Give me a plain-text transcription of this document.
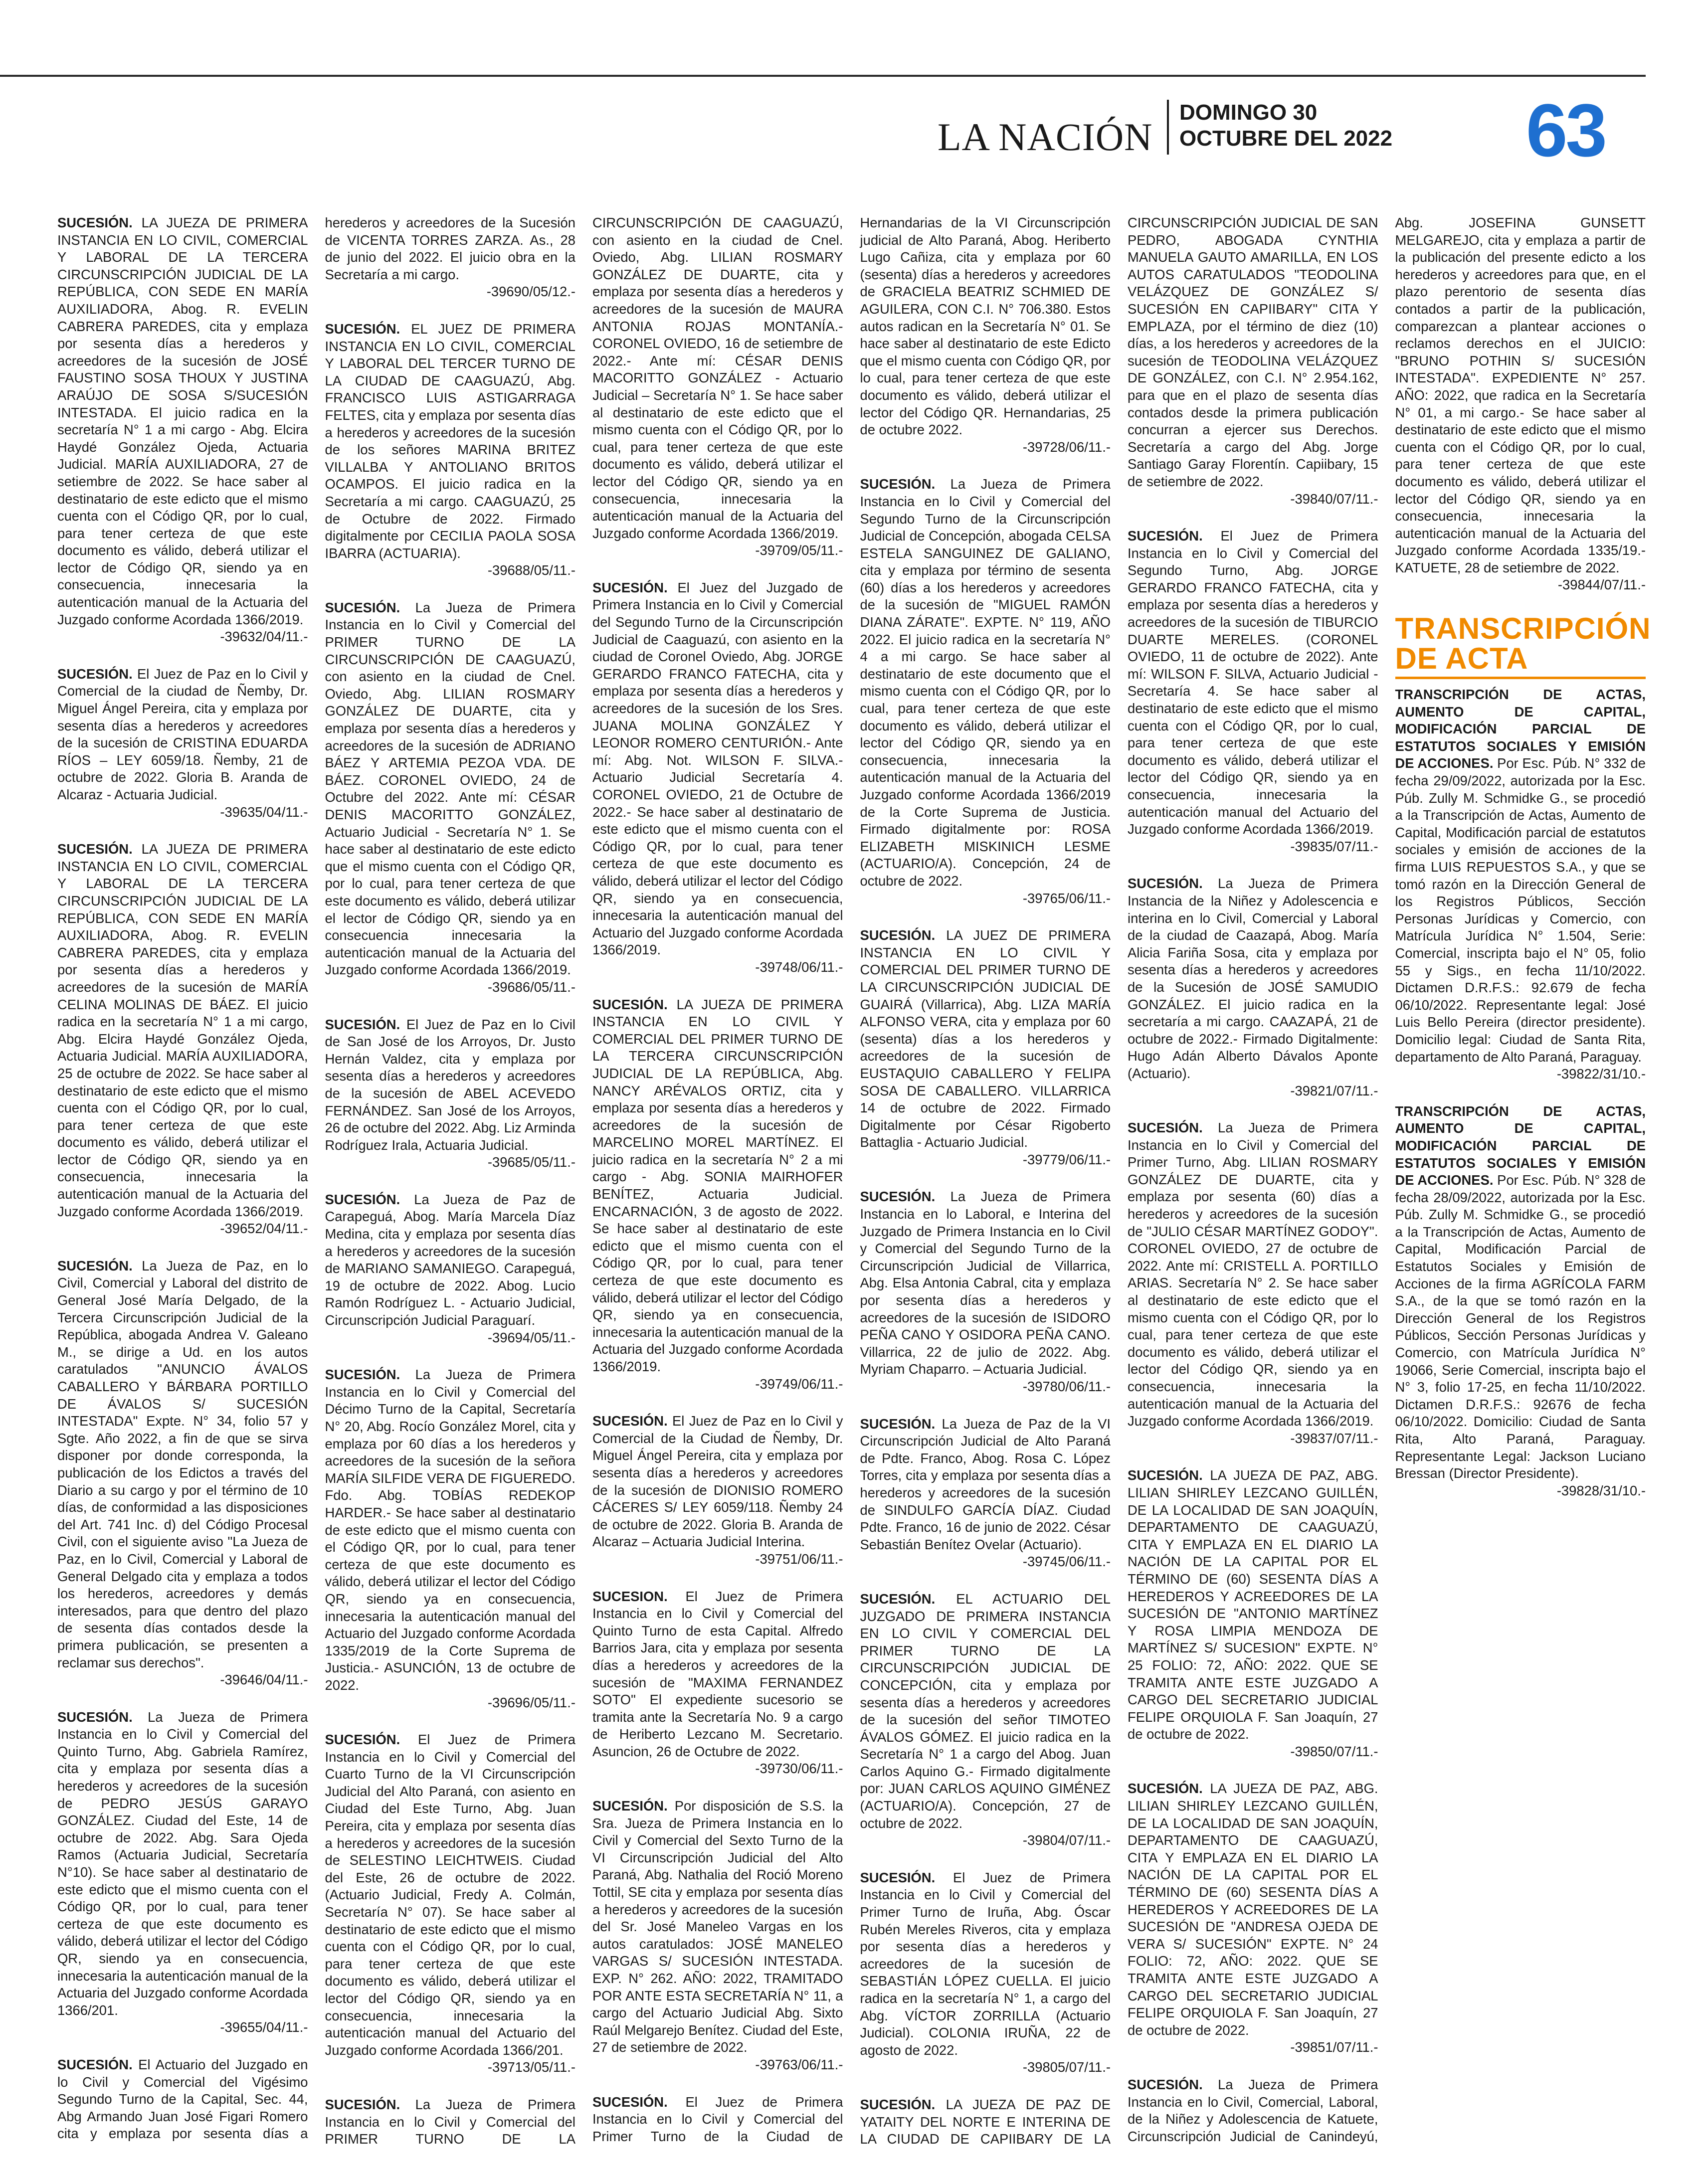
LA NACIÓN
DOMINGO 30
OCTUBRE DEL 2022 63
SUCESIÓN. LA JUEZA DE PRIMERA INSTANCIA EN LO CIVIL, COMERCIAL Y LABORAL DE LA TERCERA CIRCUNSCRIPCIÓN JUDICIAL DE LA REPÚBLICA, CON SEDE EN MARÍA AUXILIADORA, Abog. R. EVELIN CABRERA PAREDES, cita y emplaza por sesenta días a herederos y acreedores de la sucesión de JOSÉ FAUSTINO SOSA THOUX Y JUSTINA ARAÚJO DE SOSA S/SUCESIÓN INTESTADA. El juicio radica en la secretaría N° 1 a mi cargo - Abg. Elcira Haydé González Ojeda, Actuaria Judicial. MARÍA AUXILIADORA, 27 de setiembre de 2022. Se hace saber al destinatario de este edicto que el mismo cuenta con el Código QR, por lo cual, para tener certeza de que este documento es válido, deberá utilizar el lector de Código QR, siendo ya en consecuencia, innecesaria la autenticación manual de la Actuaria del Juzgado conforme Acordada 1366/2019.
-39632/04/11.-
SUCESIÓN. El Juez de Paz en lo Civil y Comercial de la ciudad de Ñemby, Dr. Miguel Ángel Pereira, cita y emplaza por sesenta días a herederos y acreedores de la sucesión de CRISTINA EDUARDA RÍOS – LEY 6059/18. Ñemby, 21 de octubre de 2022. Gloria B. Aranda de Alcaraz - Actuaria Judicial.
-39635/04/11.-
SUCESIÓN. LA JUEZA DE PRIMERA INSTANCIA EN LO CIVIL, COMERCIAL Y LABORAL DE LA TERCERA CIRCUNSCRIPCIÓN JUDICIAL DE LA REPÚBLICA, CON SEDE EN MARÍA AUXILIADORA, Abog. R. EVELIN CABRERA PAREDES, cita y emplaza por sesenta días a herederos y acreedores de la sucesión de MARÍA CELINA MOLINAS DE BÁEZ. El juicio radica en la secretaría N° 1 a mi cargo, Abg. Elcira Haydé González Ojeda, Actuaria Judicial. MARÍA AUXILIADORA, 25 de octubre de 2022. Se hace saber al destinatario de este edicto que el mismo cuenta con el Código QR, por lo cual, para tener certeza de que este documento es válido, deberá utilizar el lector de Código QR, siendo ya en consecuencia, innecesaria la autenticación manual de la Actuaria del Juzgado conforme Acordada 1366/2019.
-39652/04/11.-
SUCESIÓN. La Jueza de Paz, en lo Civil, Comercial y Laboral del distrito de General José María Delgado, de la Tercera Circunscripción Judicial de la República, abogada Andrea V. Galeano M., se dirige a Ud. en los autos caratulados "ANUNCIO ÁVALOS CABALLERO Y BÁRBARA PORTILLO DE ÁVALOS S/ SUCESIÓN INTESTADA" Expte. N° 34, folio 57 y Sgte. Año 2022, a fin de que se sirva disponer por donde corresponda, la publicación de los Edictos a través del Diario a su cargo y por el término de 10 días, de conformidad a las disposiciones del Art. 741 Inc. d) del Código Procesal Civil, con el siguiente aviso "La Jueza de Paz, en lo Civil, Comercial y Laboral de General Delgado cita y emplaza a todos los herederos, acreedores y demás interesados, para que dentro del plazo de sesenta días contados desde la primera publicación, se presenten a reclamar sus derechos".
-39646/04/11.-
SUCESIÓN. La Jueza de Primera Instancia en lo Civil y Comercial del Quinto Turno, Abg. Gabriela Ramírez, cita y emplaza por sesenta días a herederos y acreedores de la sucesión de PEDRO JESÚS GARAYO GONZÁLEZ. Ciudad del Este, 14 de octubre de 2022. Abg. Sara Ojeda Ramos (Actuaria Judicial, Secretaría N°10). Se hace saber al destinatario de este edicto que el mismo cuenta con el Código QR, por lo cual, para tener certeza de que este documento es válido, deberá utilizar el lector del Código QR, siendo ya en consecuencia, innecesaria la autenticación manual de la Actuaria del Juzgado conforme Acordada 1366/201.
-39655/04/11.-
SUCESIÓN. El Actuario del Juzgado en lo Civil y Comercial del Vigésimo Segundo Turno de la Capital, Sec. 44, Abg Armando Juan José Figari Romero cita y emplaza por sesenta días a herederos y acreedores de la Sucesión de VICENTA TORRES ZARZA. As., 28 de junio del 2022. El juicio obra en la Secretaría a mi cargo.
-39690/05/12.-
SUCESIÓN. EL JUEZ DE PRIMERA INSTANCIA EN LO CIVIL, COMERCIAL Y LABORAL DEL TERCER TURNO DE LA CIUDAD DE CAAGUAZÚ, Abg. FRANCISCO LUIS ASTIGARRAGA FELTES, cita y emplaza por sesenta días a herederos y acreedores de la sucesión de los señores MARINA BRITEZ VILLALBA Y ANTOLIANO BRITOS OCAMPOS. El juicio radica en la Secretaría a mi cargo. CAAGUAZÚ, 25 de Octubre de 2022. Firmado digitalmente por CECILIA PAOLA SOSA IBARRA (ACTUARIA).
-39688/05/11.-
SUCESIÓN. La Jueza de Primera Instancia en lo Civil y Comercial del PRIMER TURNO DE LA CIRCUNSCRIPCIÓN DE CAAGUAZÚ, con asiento en la ciudad de Cnel. Oviedo, Abg. LILIAN ROSMARY GONZÁLEZ DE DUARTE, cita y emplaza por sesenta días a herederos y acreedores de la sucesión de ADRIANO BÁEZ Y ARTEMIA PEZOA VDA. DE BÁEZ. CORONEL OVIEDO, 24 de Octubre del 2022. Ante mí: CÉSAR DENIS MACORITTO GONZÁLEZ, Actuario Judicial - Secretaría N° 1. Se hace saber al destinatario de este edicto que el mismo cuenta con el Código QR, por lo cual, para tener certeza de que este documento es válido, deberá utilizar el lector de Código QR, siendo ya en consecuencia innecesaria la autenticación manual de la Actuaria del Juzgado conforme Acordada 1366/2019.
-39686/05/11.-
SUCESIÓN. El Juez de Paz en lo Civil de San José de los Arroyos, Dr. Justo Hernán Valdez, cita y emplaza por sesenta días a herederos y acreedores de la sucesión de ABEL ACEVEDO FERNÁNDEZ. San José de los Arroyos, 26 de octubre del 2022. Abg. Liz Arminda Rodríguez Irala, Actuaria Judicial.
-39685/05/11.-
SUCESIÓN. La Jueza de Paz de Carapeguá, Abog. María Marcela Díaz Medina, cita y emplaza por sesenta días a herederos y acreedores de la sucesión de MARIANO SAMANIEGO. Carapeguá, 19 de octubre de 2022. Abog. Lucio Ramón Rodríguez L. - Actuario Judicial, Circunscripción Judicial Paraguarí.
-39694/05/11.-
SUCESIÓN. La Jueza de Primera Instancia en lo Civil y Comercial del Décimo Turno de la Capital, Secretaría N° 20, Abg. Rocío González Morel, cita y emplaza por 60 días a los herederos y acreedores de la sucesión de la señora MARÍA SILFIDE VERA DE FIGUEREDO. Fdo. Abg. TOBÍAS REDEKOP HARDER.- Se hace saber al destinatario de este edicto que el mismo cuenta con el Código QR, por lo cual, para tener certeza de que este documento es válido, deberá utilizar el lector del Código QR, siendo ya en consecuencia, innecesaria la autenticación manual del Actuario del Juzgado conforme Acordada 1335/2019 de la Corte Suprema de Justicia.- ASUNCIÓN, 13 de octubre de 2022.
-39696/05/11.-
SUCESIÓN. El Juez de Primera Instancia en lo Civil y Comercial del Cuarto Turno de la VI Circunscripción Judicial del Alto Paraná, con asiento en Ciudad del Este Turno, Abg. Juan Pereira, cita y emplaza por sesenta días a herederos y acreedores de la sucesión de SELESTINO LEICHTWEIS. Ciudad del Este, 26 de octubre de 2022. (Actuario Judicial, Fredy A. Colmán, Secretaría N° 07). Se hace saber al destinatario de este edicto que el mismo cuenta con el Código QR, por lo cual, para tener certeza de que este documento es válido, deberá utilizar el lector del Código QR, siendo ya en consecuencia, innecesaria la autenticación manual del Actuario del Juzgado conforme Acordada 1366/201.
-39713/05/11.-
SUCESIÓN. La Jueza de Primera Instancia en lo Civil y Comercial del PRIMER TURNO DE LA CIRCUNSCRIPCIÓN DE CAAGUAZÚ, con asiento en la ciudad de Cnel. Oviedo, Abg. LILIAN ROSMARY GONZÁLEZ DE DUARTE, cita y emplaza por sesenta días a herederos y acreedores de la sucesión de MAURA ANTONIA ROJAS MONTANÍA.- CORONEL OVIEDO, 16 de setiembre de 2022.- Ante mí: CÉSAR DENIS MACORITTO GONZÁLEZ - Actuario Judicial – Secretaría N° 1. Se hace saber al destinatario de este edicto que el mismo cuenta con el Código QR, por lo cual, para tener certeza de que este documento es válido, deberá utilizar el lector del Código QR, siendo ya en consecuencia, innecesaria la autenticación manual de la Actuaria del Juzgado conforme Acordada 1366/2019.
-39709/05/11.-
SUCESIÓN. El Juez del Juzgado de Primera Instancia en lo Civil y Comercial del Segundo Turno de la Circunscripción Judicial de Caaguazú, con asiento en la ciudad de Coronel Oviedo, Abg. JORGE GERARDO FRANCO FATECHA, cita y emplaza por sesenta días a herederos y acreedores de la sucesión de los Sres. JUANA MOLINA GONZÁLEZ Y LEONOR ROMERO CENTURIÓN.- Ante mí: Abg. Not. WILSON F. SILVA.- Actuario Judicial Secretaría 4. CORONEL OVIEDO, 21 de Octubre de 2022.- Se hace saber al destinatario de este edicto que el mismo cuenta con el Código QR, por lo cual, para tener certeza de que este documento es válido, deberá utilizar el lector del Código QR, siendo ya en consecuencia, innecesaria la autenticación manual del Actuario del Juzgado conforme Acordada 1366/2019.
-39748/06/11.-
SUCESIÓN. LA JUEZA DE PRIMERA INSTANCIA EN LO CIVIL Y COMERCIAL DEL PRIMER TURNO DE LA TERCERA CIRCUNSCRIPCIÓN JUDICIAL DE LA REPÚBLICA, Abg. NANCY ARÉVALOS ORTIZ, cita y emplaza por sesenta días a herederos y acreedores de la sucesión de MARCELINO MOREL MARTÍNEZ. El juicio radica en la secretaría N° 2 a mi cargo - Abg. SONIA MAIRHOFER BENÍTEZ, Actuaria Judicial. ENCARNACIÓN, 3 de agosto de 2022. Se hace saber al destinatario de este edicto que el mismo cuenta con el Código QR, por lo cual, para tener certeza de que este documento es válido, deberá utilizar el lector del Código QR, siendo ya en consecuencia, innecesaria la autenticación manual de la Actuaria del Juzgado conforme Acordada 1366/2019.
-39749/06/11.-
SUCESIÓN. El Juez de Paz en lo Civil y Comercial de la Ciudad de Ñemby, Dr. Miguel Ángel Pereira, cita y emplaza por sesenta días a herederos y acreedores de la sucesión de DIONISIO ROMERO CÁCERES S/ LEY 6059/118. Ñemby 24 de octubre de 2022. Gloria B. Aranda de Alcaraz – Actuaria Judicial Interina.
-39751/06/11.-
SUCESION. El Juez de Primera Instancia en lo Civil y Comercial del Quinto Turno de esta Capital. Alfredo Barrios Jara, cita y emplaza por sesenta días a herederos y acreedores de la sucesión de "MAXIMA FERNANDEZ SOTO" El expediente sucesorio se tramita ante la Secretaría No. 9 a cargo de Heriberto Lezcano M. Secretario. Asuncion, 26 de Octubre de 2022.
-39730/06/11.-
SUCESIÓN. Por disposición de S.S. la Sra. Jueza de Primera Instancia en lo Civil y Comercial del Sexto Turno de la VI Circunscripción Judicial del Alto Paraná, Abg. Nathalia del Roció Moreno Tottil, SE cita y emplaza por sesenta días a herederos y acreedores de la sucesión del Sr. José Maneleo Vargas en los autos caratulados: JOSÉ MANELEO VARGAS S/ SUCESIÓN INTESTADA. EXP. N° 262. AÑO: 2022, TRAMITADO POR ANTE ESTA SECRETARÍA N° 11, a cargo del Actuario Judicial Abg. Sixto Raúl Melgarejo Benítez. Ciudad del Este, 27 de setiembre de 2022.
-39763/06/11.-
SUCESIÓN. El Juez de Primera Instancia en lo Civil y Comercial del Primer Turno de la Ciudad de Hernandarias de la VI Circunscripción judicial de Alto Paraná, Abog. Heriberto Lugo Cañiza, cita y emplaza por 60 (sesenta) días a herederos y acreedores de GRACIELA BEATRIZ SCHMIED DE AGUILERA, CON C.I. N° 706.380. Estos autos radican en la Secretaría N° 01. Se hace saber al destinatario de este Edicto que el mismo cuenta con Código QR, por lo cual, para tener certeza de que este documento es válido, deberá utilizar el lector del Código QR. Hernandarias, 25 de octubre 2022.
-39728/06/11.-
SUCESIÓN. La Jueza de Primera Instancia en lo Civil y Comercial del Segundo Turno de la Circunscripción Judicial de Concepción, abogada CELSA ESTELA SANGUINEZ DE GALIANO, cita y emplaza por término de sesenta (60) días a los herederos y acreedores de la sucesión de "MIGUEL RAMÓN DIANA ZÁRATE". EXPTE. N° 119, AÑO 2022. El juicio radica en la secretaría N° 4 a mi cargo. Se hace saber al destinatario de este documento que el mismo cuenta con el Código QR, por lo cual, para tener certeza de que este documento es válido, deberá utilizar el lector del Código QR, siendo ya en consecuencia, innecesaria la autenticación manual de la Actuaria del Juzgado conforme Acordada 1366/2019 de la Corte Suprema de Justicia. Firmado digitalmente por: ROSA ELIZABETH MISKINICH LESME (ACTUARIO/A). Concepción, 24 de octubre de 2022.
-39765/06/11.-
SUCESIÓN. LA JUEZ DE PRIMERA INSTANCIA EN LO CIVIL Y COMERCIAL DEL PRIMER TURNO DE LA CIRCUNSCRIPCIÓN JUDICIAL DE GUAIRÁ (Villarrica), Abg. LIZA MARÍA ALFONSO VERA, cita y emplaza por 60 (sesenta) días a los herederos y acreedores de la sucesión de EUSTAQUIO CABALLERO Y FELIPA SOSA DE CABALLERO. VILLARRICA 14 de octubre de 2022. Firmado Digitalmente por César Rigoberto Battaglia - Actuario Judicial.
-39779/06/11.-
SUCESIÓN. La Jueza de Primera Instancia en lo Laboral, e Interina del Juzgado de Primera Instancia en lo Civil y Comercial del Segundo Turno de la Circunscripción Judicial de Villarrica, Abg. Elsa Antonia Cabral, cita y emplaza por sesenta días a herederos y acreedores de la sucesión de ISIDORO PEÑA CANO Y OSIDORA PEÑA CANO. Villarrica, 22 de julio de 2022. Abg. Myriam Chaparro. – Actuaria Judicial.
-39780/06/11.-
SUCESIÓN. La Jueza de Paz de la VI Circunscripción Judicial de Alto Paraná de Pdte. Franco, Abog. Rosa C. López Torres, cita y emplaza por sesenta días a herederos y acreedores de la sucesión de SINDULFO GARCÍA DÍAZ. Ciudad Pdte. Franco, 16 de junio de 2022. César Sebastián Benítez Ovelar (Actuario).
-39745/06/11.-
SUCESIÓN. EL ACTUARIO DEL JUZGADO DE PRIMERA INSTANCIA EN LO CIVIL Y COMERCIAL DEL PRIMER TURNO DE LA CIRCUNSCRIPCIÓN JUDICIAL DE CONCEPCIÓN, cita y emplaza por sesenta días a herederos y acreedores de la sucesión del señor TIMOTEO ÁVALOS GÓMEZ. El juicio radica en la Secretaría N° 1 a cargo del Abog. Juan Carlos Aquino G.- Firmado digitalmente por: JUAN CARLOS AQUINO GIMÉNEZ (ACTUARIO/A). Concepción, 27 de octubre de 2022.
-39804/07/11.-
SUCESIÓN. El Juez de Primera Instancia en lo Civil y Comercial del Primer Turno de Iruña, Abg. Óscar Rubén Mereles Riveros, cita y emplaza por sesenta días a herederos y acreedores de la sucesión de SEBASTIÁN LÓPEZ CUELLA. El juicio radica en la secretaría N° 1, a cargo del Abg. VÍCTOR ZORRILLA (Actuario Judicial). COLONIA IRUÑA, 22 de agosto de 2022.
-39805/07/11.-
SUCESIÓN. LA JUEZA DE PAZ DE YATAITY DEL NORTE E INTERINA DE LA CIUDAD DE CAPIIBARY DE LA CIRCUNSCRIPCIÓN JUDICIAL DE SAN PEDRO, ABOGADA CYNTHIA MANUELA GAUTO AMARILLA, EN LOS AUTOS CARATULADOS "TEODOLINA VELÁZQUEZ DE GONZÁLEZ S/ SUCESIÓN EN CAPIIBARY" CITA Y EMPLAZA, por el término de diez (10) días, a los herederos y acreedores de la sucesión de TEODOLINA VELÁZQUEZ DE GONZÁLEZ, con C.I. N° 2.954.162, para que en el plazo de sesenta días contados desde la primera publicación concurran a ejercer sus Derechos. Secretaría a cargo del Abg. Jorge Santiago Garay Florentín. Capiibary, 15 de setiembre de 2022.
-39840/07/11.-
SUCESIÓN. El Juez de Primera Instancia en lo Civil y Comercial del Segundo Turno, Abg. JORGE GERARDO FRANCO FATECHA, cita y emplaza por sesenta días a herederos y acreedores de la sucesión de TIBURCIO DUARTE MERELES. (CORONEL OVIEDO, 11 de octubre de 2022). Ante mí: WILSON F. SILVA, Actuario Judicial - Secretaría 4. Se hace saber al destinatario de este edicto que el mismo cuenta con el Código QR, por lo cual, para tener certeza de que este documento es válido, deberá utilizar el lector del Código QR, siendo ya en consecuencia, innecesaria la autenticación manual del Actuario del Juzgado conforme Acordada 1366/2019.
-39835/07/11.-
SUCESIÓN. La Jueza de Primera Instancia de la Niñez y Adolescencia e interina en lo Civil, Comercial y Laboral de la ciudad de Caazapá, Abog. María Alicia Fariña Sosa, cita y emplaza por sesenta días a herederos y acreedores de la Sucesión de JOSÉ SAMUDIO GONZÁLEZ. El juicio radica en la secretaría a mi cargo. CAAZAPÁ, 21 de octubre de 2022.- Firmado Digitalmente: Hugo Adán Alberto Dávalos Aponte (Actuario).
-39821/07/11.-
SUCESIÓN. La Jueza de Primera Instancia en lo Civil y Comercial del Primer Turno, Abg. LILIAN ROSMARY GONZÁLEZ DE DUARTE, cita y emplaza por sesenta (60) días a herederos y acreedores de la sucesión de "JULIO CÉSAR MARTÍNEZ GODOY". CORONEL OVIEDO, 27 de octubre de 2022. Ante mí: CRISTELL A. PORTILLO ARIAS. Secretaría N° 2. Se hace saber al destinatario de este edicto que el mismo cuenta con el Código QR, por lo cual, para tener certeza de que este documento es válido, deberá utilizar el lector del Código QR, siendo ya en consecuencia, innecesaria la autenticación manual de la Actuaria del Juzgado conforme Acordada 1366/2019.
-39837/07/11.-
SUCESIÓN. LA JUEZA DE PAZ, ABG. LILIAN SHIRLEY LEZCANO GUILLÉN, DE LA LOCALIDAD DE SAN JOAQUÍN, DEPARTAMENTO DE CAAGUAZÚ, CITA Y EMPLAZA EN EL DIARIO LA NACIÓN DE LA CAPITAL POR EL TÉRMINO DE (60) SESENTA DÍAS A HEREDEROS Y ACREEDORES DE LA SUCESIÓN DE "ANTONIO MARTÍNEZ Y ROSA LIMPIA MENDOZA DE MARTÍNEZ S/ SUCESION" EXPTE. N° 25 FOLIO: 72, AÑO: 2022. QUE SE TRAMITA ANTE ESTE JUZGADO A CARGO DEL SECRETARIO JUDICIAL FELIPE ORQUIOLA F. San Joaquín, 27 de octubre de 2022.
-39850/07/11.-
SUCESIÓN. LA JUEZA DE PAZ, ABG. LILIAN SHIRLEY LEZCANO GUILLÉN, DE LA LOCALIDAD DE SAN JOAQUÍN, DEPARTAMENTO DE CAAGUAZÚ, CITA Y EMPLAZA EN EL DIARIO LA NACIÓN DE LA CAPITAL POR EL TÉRMINO DE (60) SESENTA DÍAS A HEREDEROS Y ACREEDORES DE LA SUCESIÓN DE "ANDRESA OJEDA DE VERA S/ SUCESIÓN" EXPTE. N° 24 FOLIO: 72, AÑO: 2022. QUE SE TRAMITA ANTE ESTE JUZGADO A CARGO DEL SECRETARIO JUDICIAL FELIPE ORQUIOLA F. San Joaquín, 27 de octubre de 2022.
-39851/07/11.-
SUCESIÓN. La Jueza de Primera Instancia en lo Civil, Comercial, Laboral, de la Niñez y Adolescencia de Katuete, Circunscripción Judicial de Canindeyú, Abg. JOSEFINA GUNSETT MELGAREJO, cita y emplaza a partir de la publicación del presente edicto a los herederos y acreedores para que, en el plazo perentorio de sesenta días contados a partir de la publicación, comparezcan a plantear acciones o reclamos derechos en el JUICIO: "BRUNO POTHIN S/ SUCESIÓN INTESTADA". EXPEDIENTE N° 257. AÑO: 2022, que radica en la Secretaría N° 01, a mi cargo.- Se hace saber al destinatario de este edicto que el mismo cuenta con el Código QR, por lo cual, para tener certeza de que este documento es válido, deberá utilizar el lector del Código QR, siendo ya en consecuencia, innecesaria la autenticación manual de la Actuaria del Juzgado conforme Acordada 1335/19.- KATUETE, 28 de setiembre de 2022.
-39844/07/11.-
TRANSCRIPCIÓN DE ACTA
TRANSCRIPCIÓN DE ACTAS, AUMENTO DE CAPITAL, MODIFICACIÓN PARCIAL DE ESTATUTOS SOCIALES Y EMISIÓN DE ACCIONES. Por Esc. Púb. N° 332 de fecha 29/09/2022, autorizada por la Esc. Púb. Zully M. Schmidke G., se procedió a la Transcripción de Actas, Aumento de Capital, Modificación parcial de estatutos sociales y emisión de acciones de la firma LUIS REPUESTOS S.A., y que se tomó razón en la Dirección General de los Registros Públicos, Sección Personas Jurídicas y Comercio, con Matrícula Jurídica N° 1.504, Serie: Comercial, inscripta bajo el N° 05, folio 55 y Sigs., en fecha 11/10/2022. Dictamen D.R.F.S.: 92.679 de fecha 06/10/2022. Representante legal: José Luis Bello Pereira (director presidente). Domicilio legal: Ciudad de Santa Rita, departamento de Alto Paraná, Paraguay.
-39822/31/10.-
TRANSCRIPCIÓN DE ACTAS, AUMENTO DE CAPITAL, MODIFICACIÓN PARCIAL DE ESTATUTOS SOCIALES Y EMISIÓN DE ACCIONES. Por Esc. Púb. N° 328 de fecha 28/09/2022, autorizada por la Esc. Púb. Zully M. Schmidke G., se procedió a la Transcripción de Actas, Aumento de Capital, Modificación Parcial de Estatutos Sociales y Emisión de Acciones de la firma AGRÍCOLA FARM S.A., de la que se tomó razón en la Dirección General de los Registros Públicos, Sección Personas Jurídicas y Comercio, con Matrícula Jurídica N° 19066, Serie Comercial, inscripta bajo el N° 3, folio 17-25, en fecha 11/10/2022. Dictamen D.R.F.S.: 92676 de fecha 06/10/2022. Domicilio: Ciudad de Santa Rita, Alto Paraná, Paraguay. Representante Legal: Jackson Luciano Bressan (Director Presidente).
-39828/31/10.-
